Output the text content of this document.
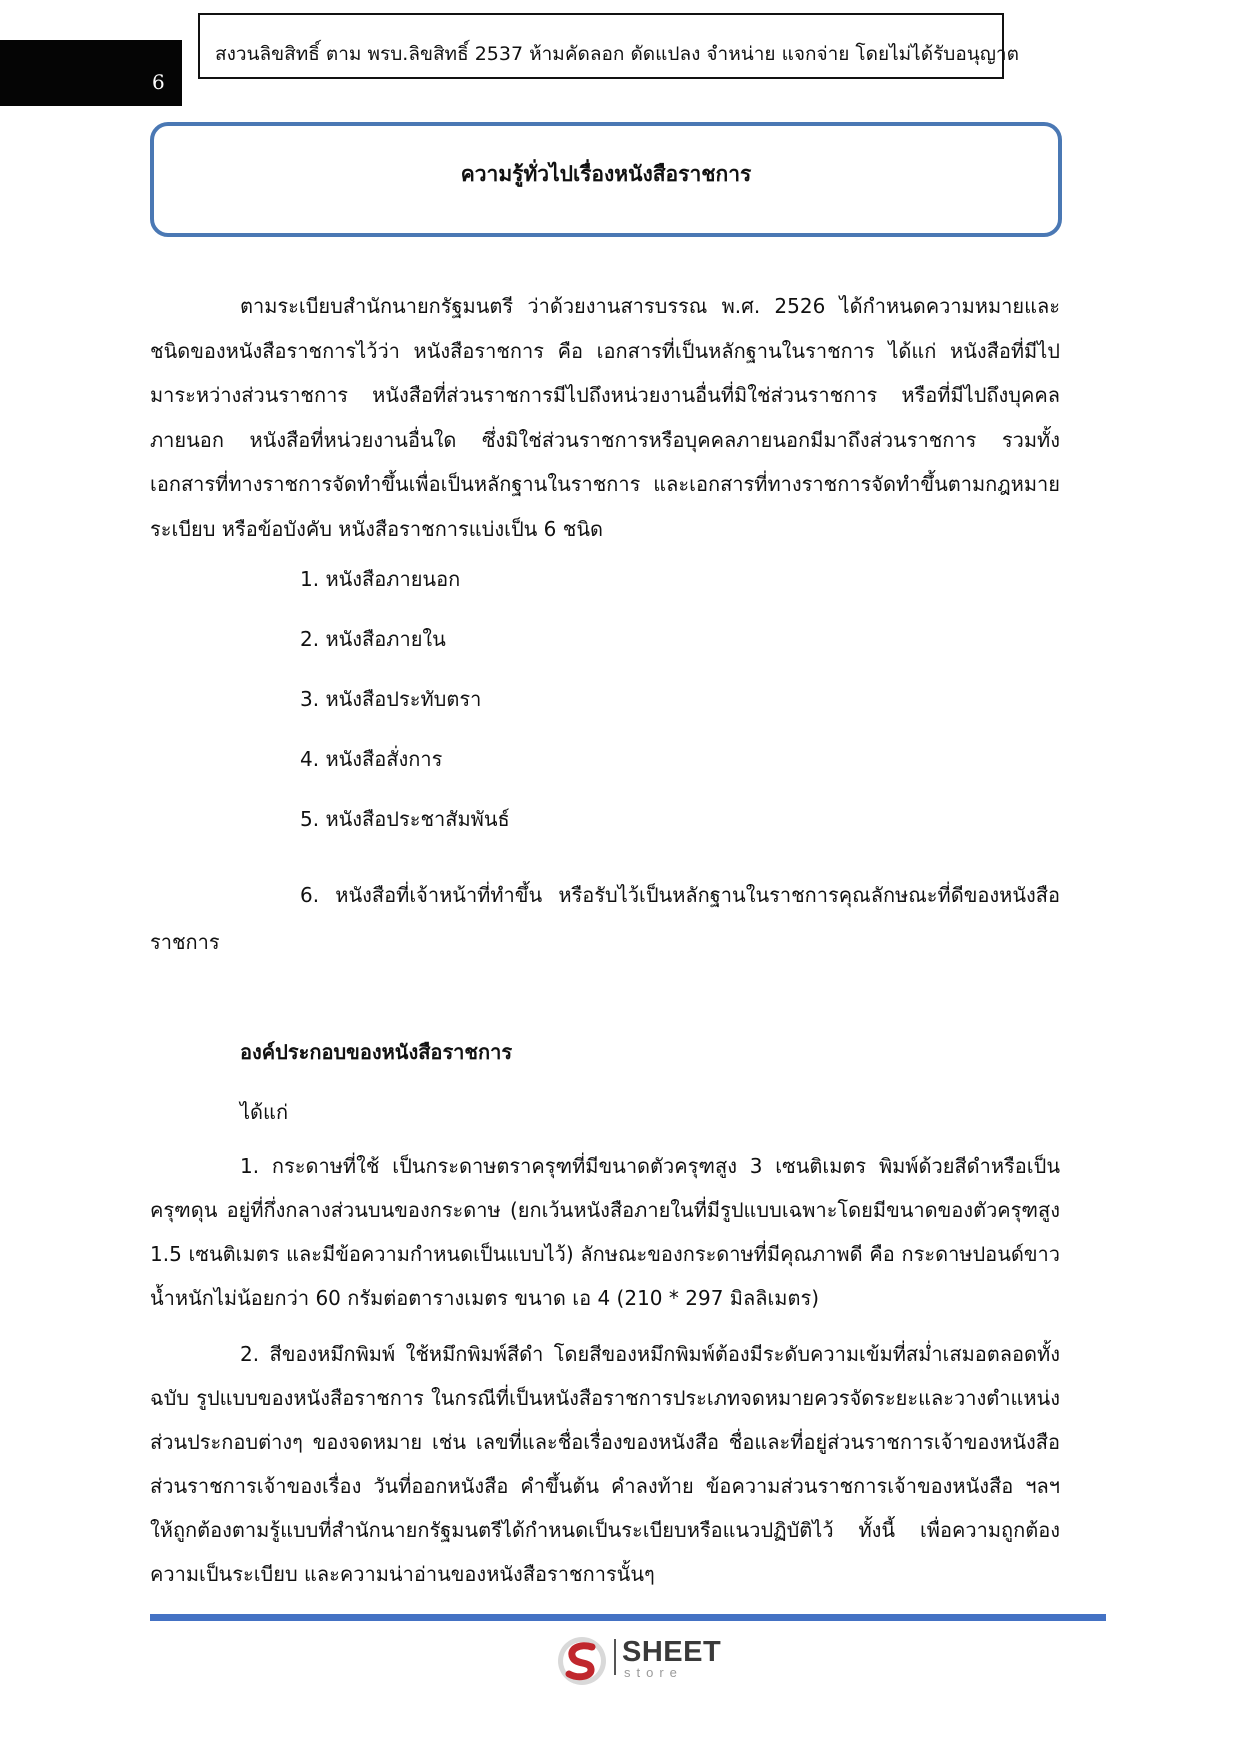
6
สงวนลิขสิทธิ์ ตาม พรบ.ลิขสิทธิ์ 2537 ห้ามคัดลอก ดัดแปลง จำหน่าย แจกจ่าย โดยไม่ได้รับอนุญาต
ความรู้ทั่วไปเรื่องหนังสือราชการ

ตามระเบียบสำนักนายกรัฐมนตรี ว่าด้วยงานสารบรรณ พ.ศ. 2526 ได้กำหนดความหมายและชนิดของหนังสือราชการไว้ว่า หนังสือราชการ คือ เอกสารที่เป็นหลักฐานในราชการ ได้แก่ หนังสือที่มีไปมาระหว่างส่วนราชการ หนังสือที่ส่วนราชการมีไปถึงหน่วยงานอื่นที่มิใช่ส่วนราชการ หรือที่มีไปถึงบุคคลภายนอก หนังสือที่หน่วยงานอื่นใด ซึ่งมิใช่ส่วนราชการหรือบุคคลภายนอกมีมาถึงส่วนราชการ รวมทั้งเอกสารที่ทางราชการจัดทำขึ้นเพื่อเป็นหลักฐานในราชการ และเอกสารที่ทางราชการจัดทำขึ้นตามกฎหมาย ระเบียบ หรือข้อบังคับ หนังสือราชการแบ่งเป็น 6 ชนิด

1. หนังสือภายนอก

2. หนังสือภายใน

3. หนังสือประทับตรา

4. หนังสือสั่งการ

5. หนังสือประชาสัมพันธ์

6. หนังสือที่เจ้าหน้าที่ทำขึ้น หรือรับไว้เป็นหลักฐานในราชการคุณลักษณะที่ดีของหนังสือราชการ

องค์ประกอบของหนังสือราชการ

ได้แก่

1. กระดาษที่ใช้ เป็นกระดาษตราครุฑที่มีขนาดตัวครุฑสูง 3 เซนติเมตร พิมพ์ด้วยสีดำหรือเป็นครุฑดุน อยู่ที่กึ่งกลางส่วนบนของกระดาษ (ยกเว้นหนังสือภายในที่มีรูปแบบเฉพาะโดยมีขนาดของตัวครุฑสูง 1.5 เซนติเมตร และมีข้อความกำหนดเป็นแบบไว้) ลักษณะของกระดาษที่มีคุณภาพดี คือ กระดาษปอนด์ขาว น้ำหนักไม่น้อยกว่า 60 กรัมต่อตารางเมตร ขนาด เอ 4 (210 * 297 มิลลิเมตร)

2. สีของหมึกพิมพ์ ใช้หมึกพิมพ์สีดำ โดยสีของหมึกพิมพ์ต้องมีระดับความเข้มที่สม่ำเสมอตลอดทั้งฉบับ รูปแบบของหนังสือราชการ ในกรณีที่เป็นหนังสือราชการประเภทจดหมายควรจัดระยะและวางตำแหน่งส่วนประกอบต่างๆ ของจดหมาย เช่น เลขที่และชื่อเรื่องของหนังสือ ชื่อและที่อยู่ส่วนราชการเจ้าของหนังสือ ส่วนราชการเจ้าของเรื่อง วันที่ออกหนังสือ คำขึ้นต้น คำลงท้าย ข้อความส่วนราชการเจ้าของหนังสือ ฯลฯ ให้ถูกต้องตามรู้แบบที่สำนักนายกรัฐมนตรีได้กำหนดเป็นระเบียบหรือแนวปฏิบัติไว้ ทั้งนี้ เพื่อความถูกต้อง ความเป็นระเบียบ และความน่าอ่านของหนังสือราชการนั้นๆ

SHEET
store
